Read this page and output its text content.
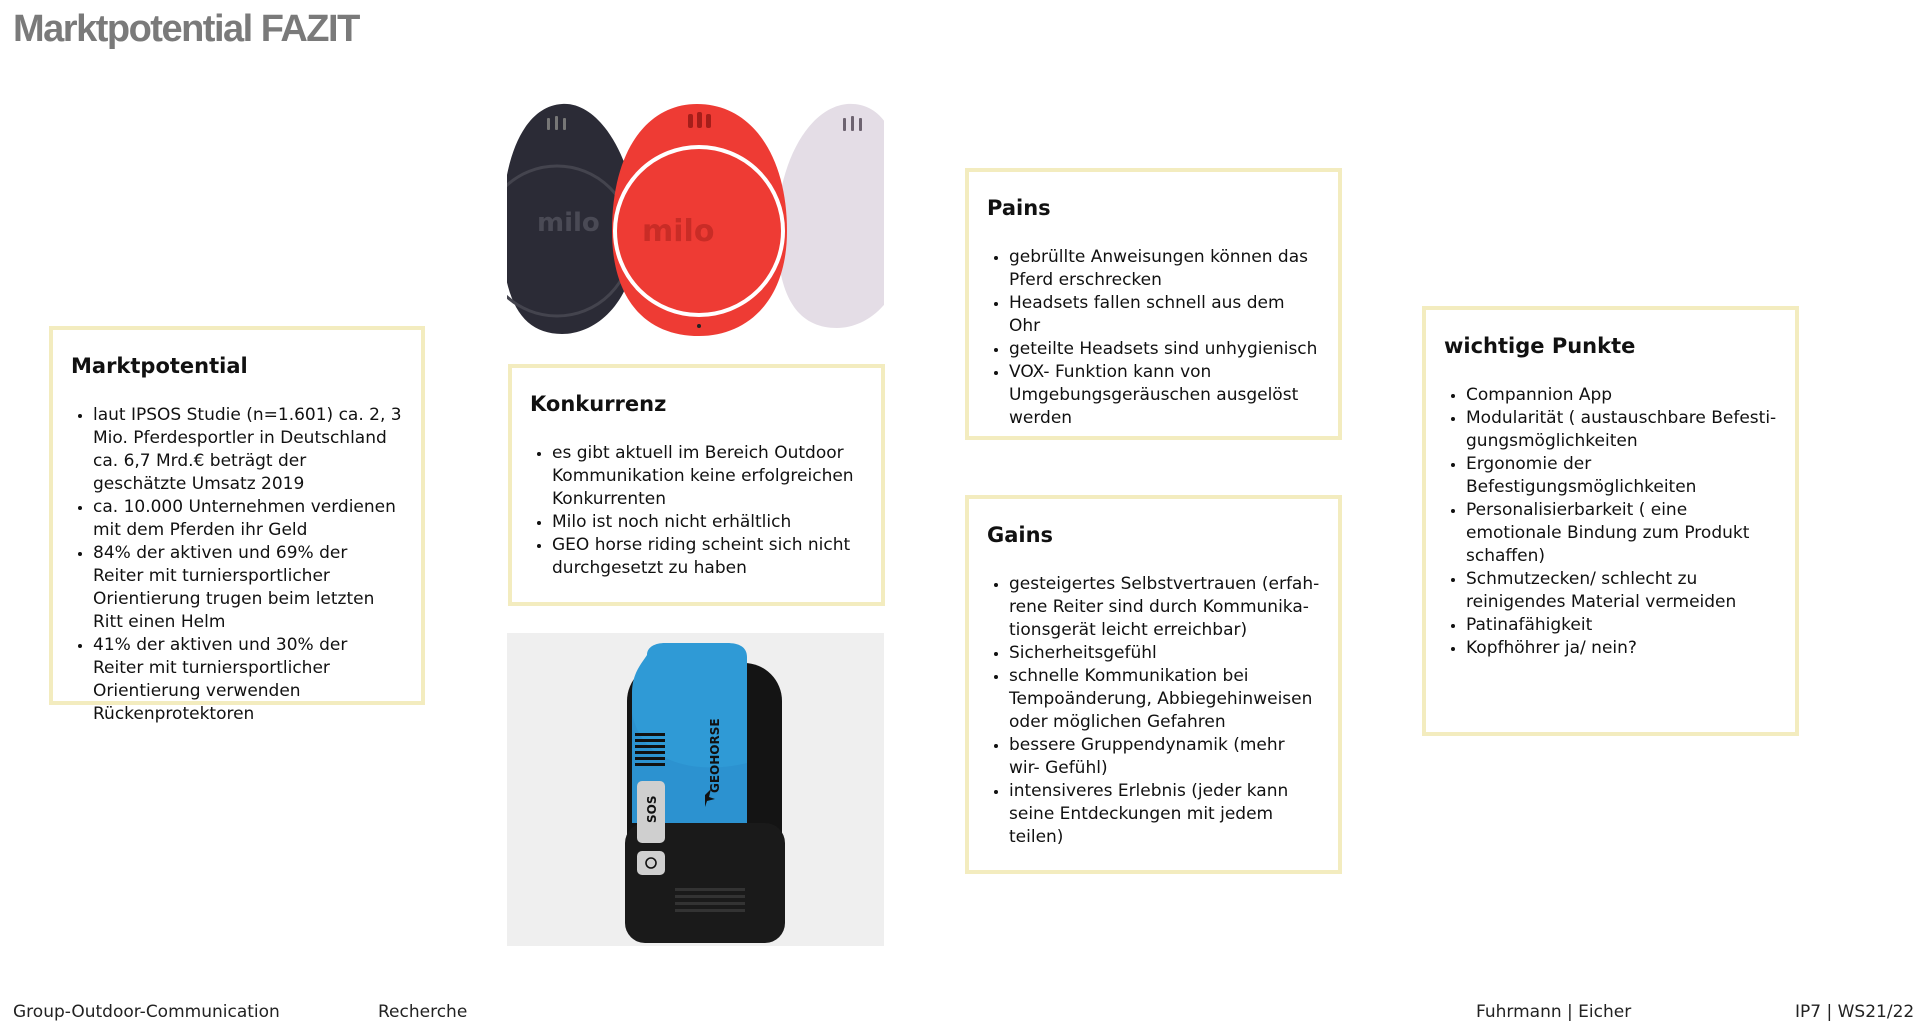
Marktpotential FAZIT
Marktpotential
• laut IPSOS Studie (n=1.601) ca. 2, 3 Mio. Pferdesportler in Deutschland ca. 6,7 Mrd.€ beträgt der geschätzte Umsatz 2019
• ca. 10.000 Unternehmen verdienen mit dem Pferden ihr Geld
• 84% der aktiven und 69% der Reiter mit turniersportlicher Orientierung trugen beim letzten Ritt einen Helm
• 41% der aktiven und 30% der Reiter mit turniersportlicher Orientierung verwenden Rückenprotektoren
milo milo
Konkurrenz
• es gibt aktuell im Bereich Outdoor Kommunikation keine erfolgreichen Konkurrenten
• Milo ist noch nicht erhältlich
• GEO horse riding scheint sich nicht durchgesetzt zu haben
SOS
GEOHORSE
Pains
• gebrüllte Anweisungen können das Pferd erschrecken
• Headsets fallen schnell aus dem Ohr
• geteilte Headsets sind unhygienisch
• VOX- Funktion kann von Umgebungsgeräuschen ausgelöst werden
Gains
• gesteigertes Selbstvertrauen (erfah-rene Reiter sind durch Kommunika-tionsgerät leicht erreichbar)
• Sicherheitsgefühl
• schnelle Kommunikation bei Tempoänderung, Abbiegehinweisen oder möglichen Gefahren
• bessere Gruppendynamik (mehr wir- Gefühl)
• intensiveres Erlebnis (jeder kann seine Entdeckungen mit jedem teilen)
wichtige Punkte
• Compannion App
• Modularität ( austauschbare Befesti-gungsmöglichkeiten
• Ergonomie der Befestigungsmöglichkeiten
• Personalisierbarkeit ( eine emotionale Bindung zum Produkt schaffen)
• Schmutzecken/ schlecht zu reinigendes Material vermeiden
• Patinafähigkeit
• Kopfhöhrer ja/ nein?
Group-Outdoor-Communication	Recherche	Fuhrmann | Eicher	IP7 | WS21/22
